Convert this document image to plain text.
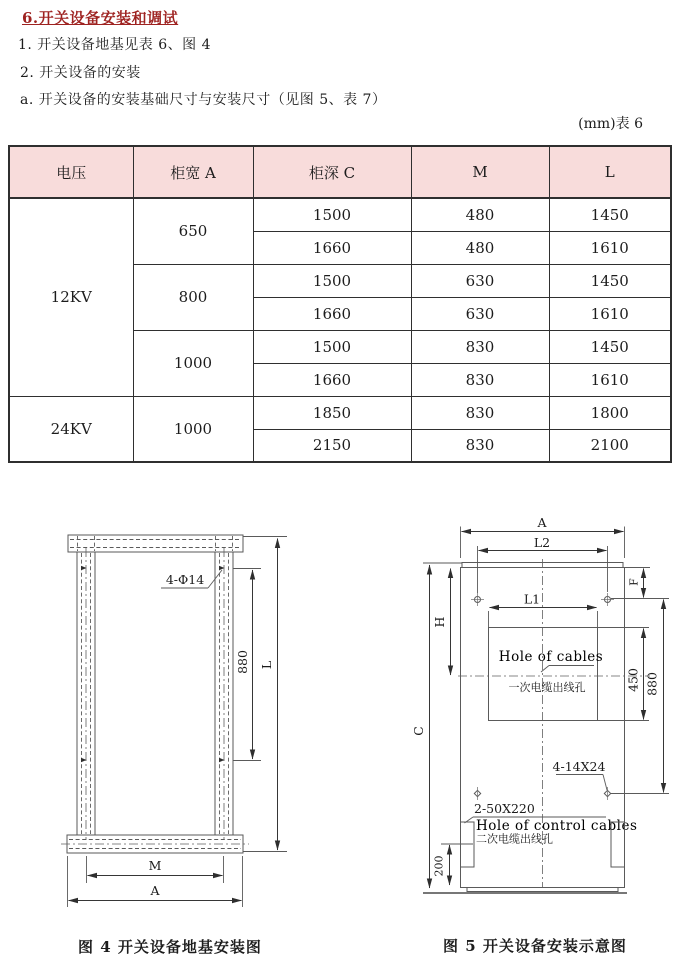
6.开关设备安装和调试
1. 开关设备地基见表 6、图 4
2. 开关设备的安装
a. 开关设备的安装基础尺寸与安装尺寸（见图 5、表 7）
(mm)表 6
电压	柜宽 A	柜深 C	M	L
12KV	650	1500	480	1450
		1660	480	1610
	800	1500	630	1450
		1660	630	1610
	1000	1500	830	1450
		1660	830	1610
24KV	1000	1850	830	1800
		2150	830	2100
4-Φ14
880 L
M
A
A
L2
C
H
F
L1
Hole of cables
一次电缆出线孔	450 880
4-14X24
2-50X220
Hole of control cables
二次电缆出线孔
200
图 4 开关设备地基安装图	图 5 开关设备安装示意图
